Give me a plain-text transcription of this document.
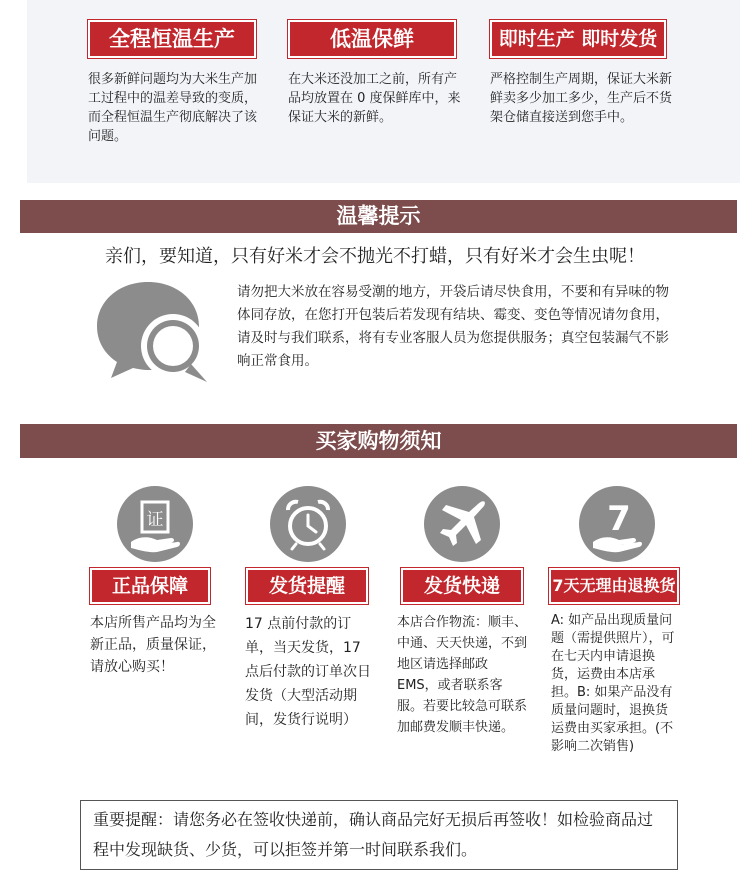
全程恒温生产
很多新鲜问题均为大米生产加工过程中的温差导致的变质，而全程恒温生产彻底解决了该问题。
低温保鲜
在大米还没加工之前，所有产品均放置在 0 度保鲜库中，来保证大米的新鲜。
即时生产 即时发货
严格控制生产周期，保证大米新鲜卖多少加工多少，生产后不货架仓储直接送到您手中。
温馨提示
亲们，要知道，只有好米才会不抛光不打蜡，只有好米才会生虫呢！
请勿把大米放在容易受潮的地方，开袋后请尽快食用，不要和有异味的物体同存放，在您打开包装后若发现有结块、霉变、变色等情况请勿食用，请及时与我们联系，将有专业客服人员为您提供服务；真空包装漏气不影响正常食用。
买家购物须知
证	7
正品保障	发货提醒	发货快递	7天无理由退换货
本店所售产品均为全新正品，质量保证，请放心购买！
17 点前付款的订单，当天发货，17 点后付款的订单次日发货（大型活动期间，发货行说明）
本店合作物流：顺丰、中通、天天快递，不到地区请选择邮政 EMS，或者联系客服。若要比较急可联系加邮费发顺丰快递。
A: 如产品出现质量问题（需提供照片），可在七天内申请退换货，运费由本店承担。B: 如果产品没有质量问题时，退换货运费由买家承担。(不影响二次销售)
重要提醒：请您务必在签收快递前，确认商品完好无损后再签收！如检验商品过程中发现缺货、少货，可以拒签并第一时间联系我们。
